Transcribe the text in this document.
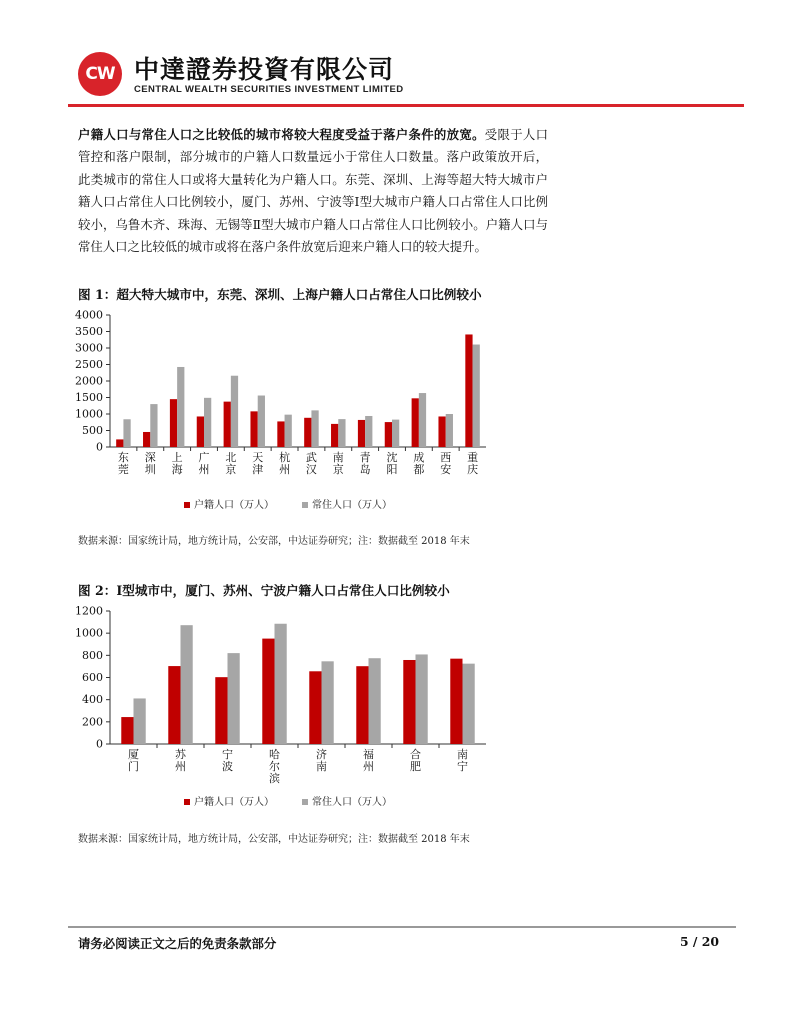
CW 中達證券投資有限公司
CENTRAL WEALTH SECURITIES INVESTMENT LIMITED
户籍人口与常住人口之比较低的城市将较大程度受益于落户条件的放宽。受限于人口管控和落户限制，部分城市的户籍人口数量远小于常住人口数量。落户政策放开后，此类城市的常住人口或将大量转化为户籍人口。东莞、深圳、上海等超大特大城市户籍人口占常住人口比例较小，厦门、苏州、宁波等Ⅰ型大城市户籍人口占常住人口比例较小，乌鲁木齐、珠海、无锡等Ⅱ型大城市户籍人口占常住人口比例较小。户籍人口与常住人口之比较低的城市或将在落户条件放宽后迎来户籍人口的较大提升。
图 1：超大特大城市中，东莞、深圳、上海户籍人口占常住人口比例较小
0
500
1000
1500
2000
2500
3000
3500
4000
东莞
深圳
上海
广州
北京
天津
杭州
武汉
南京
青岛
沈阳
成都
西安
重庆
户籍人口（万人）	常住人口（万人）
数据来源：国家统计局，地方统计局，公安部，中达证券研究；注：数据截至 2018 年末
图 2：Ⅰ型城市中，厦门、苏州、宁波户籍人口占常住人口比例较小
0
200
400
600
800
1000
1200
厦门
苏州
宁波
哈尔滨
济南
福州
合肥
南宁
户籍人口（万人）	常住人口（万人）
数据来源：国家统计局，地方统计局，公安部，中达证券研究；注：数据截至 2018 年末
请务必阅读正文之后的免责条款部分	5 / 20
